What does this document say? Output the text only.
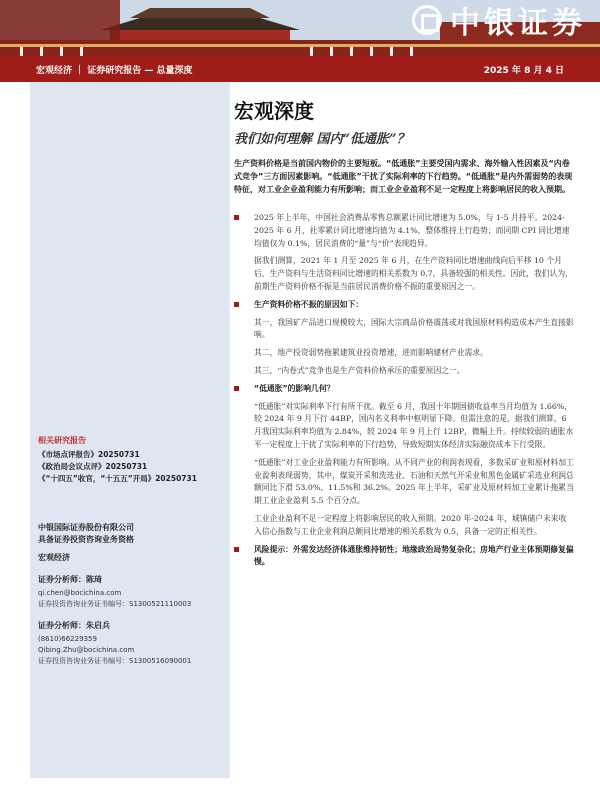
中银证券
宏观经济 ｜ 证券研究报告 — 总量深度	2025 年 8 月 4 日
宏观深度
我们如何理解 国内“低通胀”？
生产资料价格是当前国内物价的主要短板。“低通胀”主要受国内需求、海外输入性因素及“内卷式竞争”三方面因素影响。“低通胀”干扰了实际利率的下行趋势。“低通胀”是内外需弱势的表现特征，对工业企业盈利能力有所影响；而工业企业盈利不足一定程度上将影响居民的收入预期。
2025 年上半年，中国社会消费品零售总额累计同比增速为 5.0%，与 1-5 月持平。2024-2025 年 6 月，社零累计同比增速均值为 4.1%，整体维持上行趋势；而同期 CPI 同比增速均值仅为 0.1%，居民消费的“量”与“价”表现趋异。
据我们测算，2021 年 1 月至 2025 年 6 月，在生产资料同比增速曲线向后平移 10 个月后，生产资料与生活资料同比增速的相关系数为 0.7，具备较强的相关性。因此，我们认为，前期生产资料价格不振是当前居民消费价格不振的重要原因之一。
生产资料价格不振的原因如下：
其一，我国矿产品进口规模较大，国际大宗商品价格震荡或对我国原材料构造成本产生直接影响。
其二，地产投资弱势拖累建筑业投资增速，进而影响建材产业需求。
其三，“内卷式”竞争也是生产资料价格承压的重要原因之一。
“低通胀”的影响几何？
“低通胀”对实际利率下行有所干扰。截至 6 月，我国十年期国债收益率当月均值为 1.66%，较 2024 年 9 月下行 44BP，国内名义利率中枢明显下降。但需注意的是，据我们测算，6 月我国实际利率均值为 2.84%，较 2024 年 9 月上行 12BP，微幅上升。持续较弱的通胀水平一定程度上干扰了实际利率的下行趋势，导致短期实体经济实际融资成本下行受限。
“低通胀”对工业企业盈利能力有所影响。从不同产业的利润表现看，多数采矿业和原材料加工业盈利表现弱势，其中，煤炭开采和洗选业、石油和天然气开采业和黑色金属矿采选业利润总额同比下滑 53.0%、11.5%和 36.2%。2025 年上半年，采矿业及原材料加工业累计拖累当期工业企业盈利 5.5 个百分点。
工业企业盈利不足一定程度上将影响居民的收入预期。2020 年-2024 年，城镇储户未来收入信心指数与工业企业利润总额同比增速的相关系数为 0.5，具备一定的正相关性。
风险提示：外需发达经济体通胀维持韧性；地缘政治局势复杂化；房地产行业主体预期修复偏慢。
相关研究报告
《市场点评报告》20250731
《政治局会议点评》20250731
《“十四五”收官，“十五五”开局》20250731
中银国际证券股份有限公司
具备证券投资咨询业务资格
宏观经济
证券分析师：陈琦
qi.chen@bocichina.com
证券投资咨询业务证书编号：S1300521110003
证券分析师：朱启兵
(8610)66229359
Qibing.Zhu@bocichina.com
证券投资咨询业务证书编号：S1300516090001
